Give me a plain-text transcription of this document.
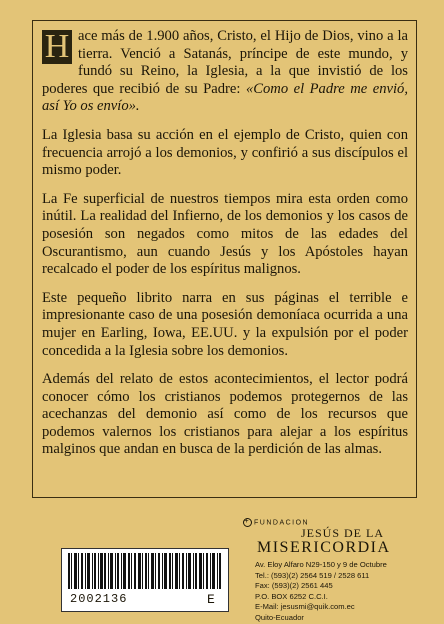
H ace más de 1.900 años, Cristo, el Hijo de Dios, vino a la tierra. Venció a Satanás, príncipe de este mundo, y fundó su Reino, la Iglesia, a la que invistió de los poderes que recibió de su Padre: «Como el Padre me envió, así Yo os envío».

La Iglesia basa su acción en el ejemplo de Cristo, quien con frecuencia arrojó a los demonios, y confirió a sus discípulos el mismo poder.

La Fe superficial de nuestros tiempos mira esta orden como inútil. La realidad del Infierno, de los demonios y los casos de posesión son negados como mitos de las edades del Oscurantismo, aun cuando Jesús y los Apóstoles hayan recalcado el poder de los espíritus malignos.

Este pequeño librito narra en sus páginas el terrible e impresionante caso de una posesión demoníaca ocurrida a una mujer en Earling, Iowa, EE.UU. y la expulsión por el poder concedida a la Iglesia sobre los demonios.

Además del relato de estos acontecimientos, el lector podrá conocer cómo los cristianos podemos protegernos de las acechanzas del demonio así como de los recursos que podemos valernos los cristianos para alejar a los espíritus malginos que andan en busca de la perdición de las almas.

2002136	E
+FUNDACION
JESÚS DE LA
MISERICORDIA
Av. Eloy Alfaro N29-150 y 9 de Octubre
Tel.: (593)(2) 2564 519 / 2528 611
Fax: (593)(2) 2561 445
P.O. BOX 6252 C.C.I.
E-Mail: jesusmi@quik.com.ec
Quito-Ecuador
